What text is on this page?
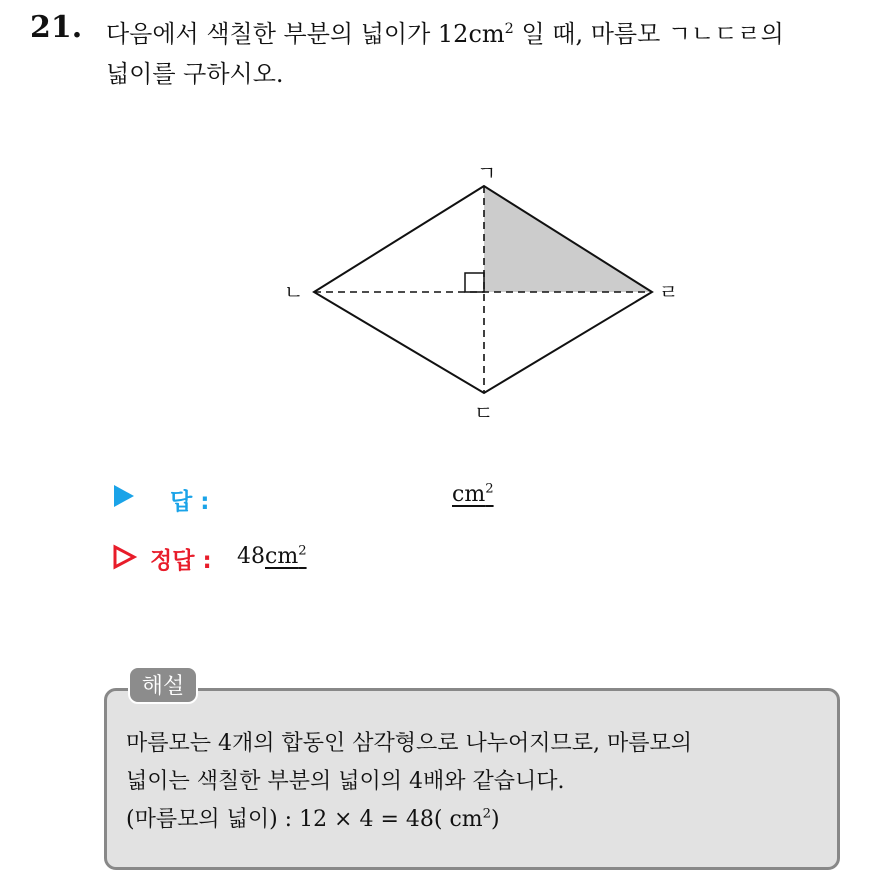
21. 다음에서 색칠한 부분의 넓이가 $12cm^2$ 일 때, 마름모 ㄱㄴㄷㄹ의
넓이를 구하시오.
ㄱ
ㄴ
ㄷ
ㄹ
답 :	$cm^2$
정답 : $48cm^2$
해설
마름모는 4개의 합동인 삼각형으로 나누어지므로, 마름모의
넓이는 색칠한 부분의 넓이의 4배와 같습니다.
(마름모의 넓이) : 12 × 4 = 48( $cm^2$)
